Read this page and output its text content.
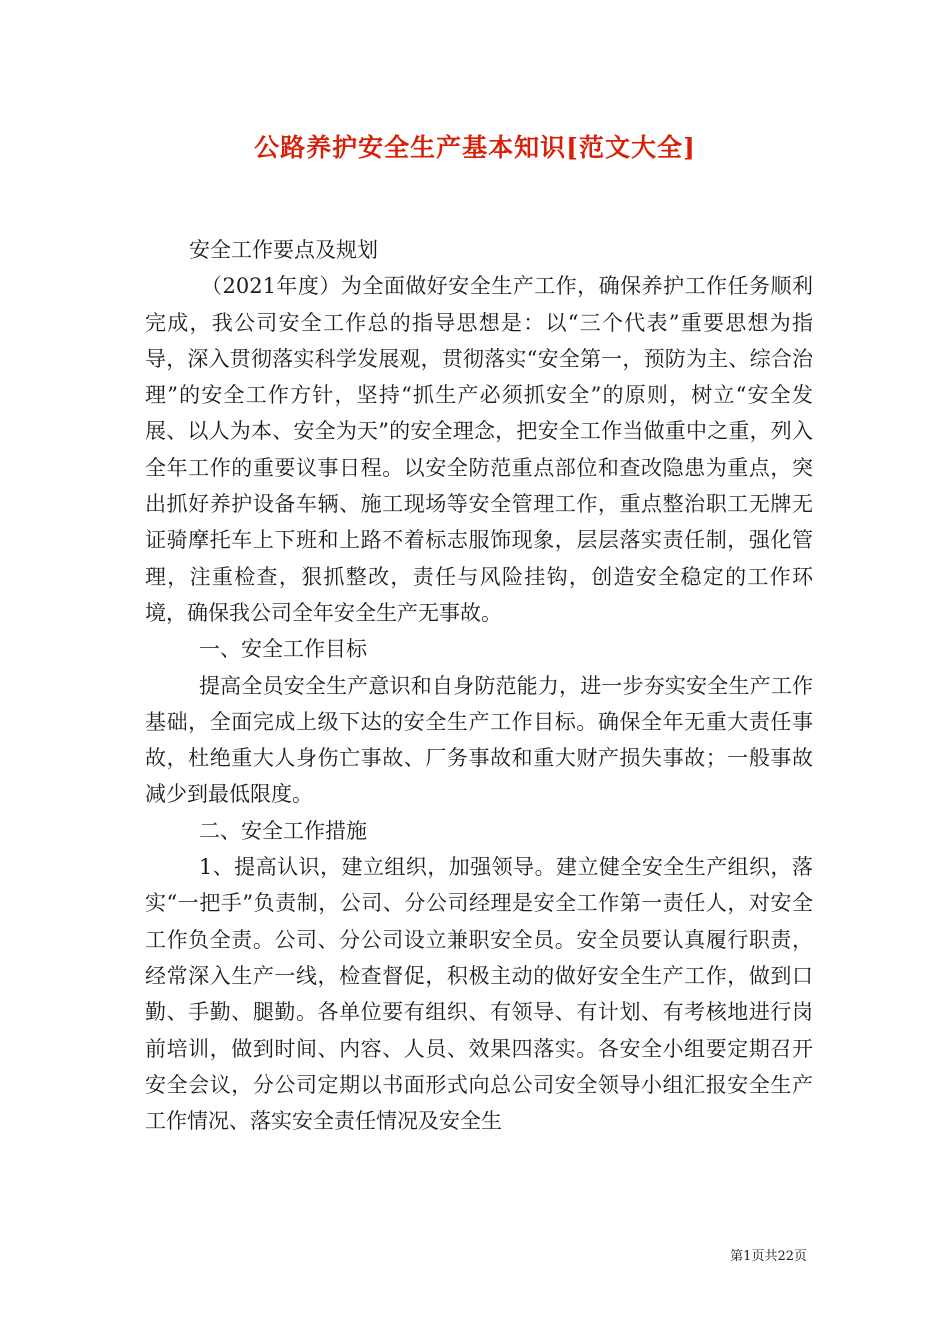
公路养护安全生产基本知识[范文大全]

安全工作要点及规划

（2021年度）为全面做好安全生产工作，确保养护工作任务顺利完成，我公司安全工作总的指导思想是：以“三个代表”重要思想为指导，深入贯彻落实科学发展观，贯彻落实“安全第一，预防为主、综合治理”的安全工作方针，坚持“抓生产必须抓安全”的原则，树立“安全发展、以人为本、安全为天”的安全理念，把安全工作当做重中之重，列入全年工作的重要议事日程。以安全防范重点部位和查改隐患为重点，突出抓好养护设备车辆、施工现场等安全管理工作，重点整治职工无牌无证骑摩托车上下班和上路不着标志服饰现象，层层落实责任制，强化管理，注重检查，狠抓整改，责任与风险挂钩，创造安全稳定的工作环境，确保我公司全年安全生产无事故。

一、安全工作目标

提高全员安全生产意识和自身防范能力，进一步夯实安全生产工作基础，全面完成上级下达的安全生产工作目标。确保全年无重大责任事故，杜绝重大人身伤亡事故、厂务事故和重大财产损失事故；一般事故减少到最低限度。

二、安全工作措施

1、提高认识，建立组织，加强领导。建立健全安全生产组织，落实“一把手”负责制，公司、分公司经理是安全工作第一责任人，对安全工作负全责。公司、分公司设立兼职安全员。安全员要认真履行职责，经常深入生产一线，检查督促，积极主动的做好安全生产工作，做到口勤、手勤、腿勤。各单位要有组织、有领导、有计划、有考核地进行岗前培训，做到时间、内容、人员、效果四落实。各安全小组要定期召开安全会议，分公司定期以书面形式向总公司安全领导小组汇报安全生产工作情况、落实安全责任情况及安全生

第1页共22页
